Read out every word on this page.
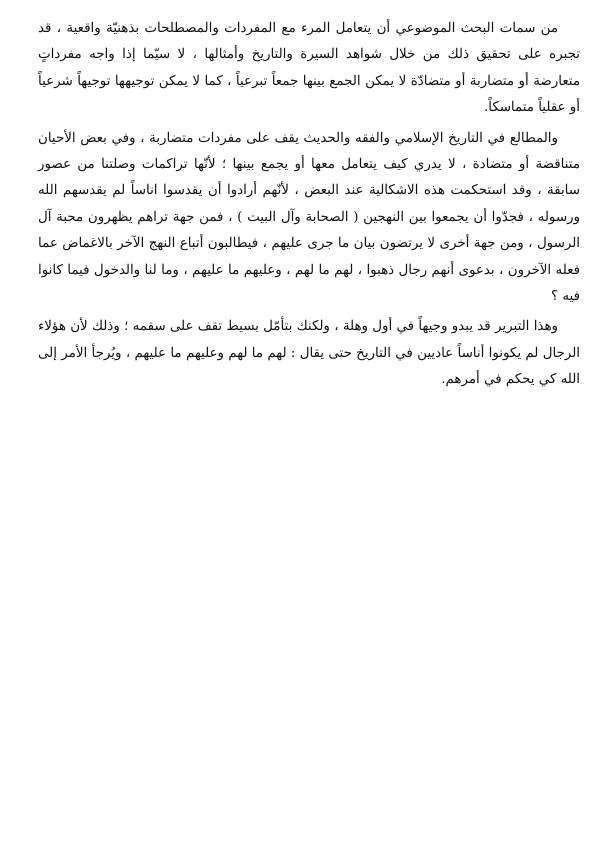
من سمات البحث الموضوعي أن يتعامل المرء مع المفردات والمصطلحات بذهنيّة واقعية ، قد تجبره على تحقيق ذلك من خلال شواهد السيرة والتاريخ وأمثالها ، لا سيّما إذا واجه مفرداتٍ متعارضة أو متضاربة أو متضادّة لا يمكن الجمع بينها جمعاً تبرعياً ، كما لا يمكن توجيهها توجيهاً شرعياً أو عقلياً متماسكاً.

والمطالع في التاريخ الإسلامي والفقه والحديث يقف على مفردات متضاربة ، وفي بعض الأحيان متناقضة أو متضادة ، لا يدري كيف يتعامل معها أو يجمع بينها ؛ لأنّها تراكمات وصلتنا من عصور سابقة ، وقد استحكمت هذه الاشكالية عند البعض ، لأنّهم أرادوا أن يقدسوا اناساً لم يقدسهم الله ورسوله ، فجدّوا أن يجمعوا بين النهجين ( الصحابة وآل البيت ) ، فمن جهة تراهم يظهرون محبة آل الرسول ، ومن جهة أخرى لا يرتضون بيان ما جرى عليهم ، فيطالبون أتباع النهج الآخر بالاغماض عما فعله الآخرون ، بدعوى أنهم رجال ذهبوا ، لهم ما لهم ، وعليهم ما عليهم ، وما لنا والدخول فيما كانوا فيه ؟

وهذا التبرير قد يبدو وجيهاً في أول وهلة ، ولكنك بتأمّل بسيط تقف على سقمه ؛ وذلك لأن هؤلاء الرجال لم يكونوا أناساً عاديين في التاريخ حتى يقال : لهم ما لهم وعليهم ما عليهم ، ويُرجأ الأمر إلى الله كي يحكم في أمرهم.
